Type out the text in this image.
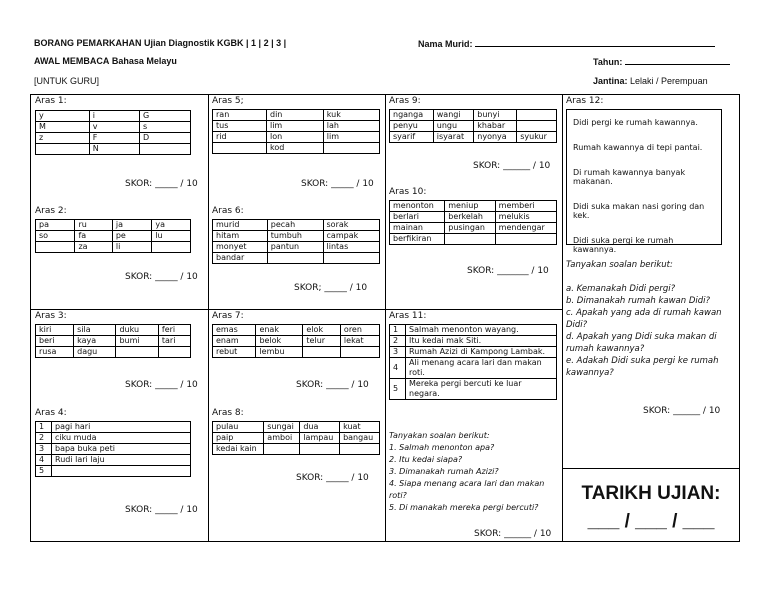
BORANG PEMARKAHAN Ujian Diagnostik KGBK | 1 | 2 | 3 |
AWAL MEMBACA Bahasa Melayu
[UNTUK GURU]
Nama Murid:
Tahun:
Jantina: Lelaki / Perempuan
Aras 1:
y	i	G
M	v	s
z	F	D
	N	
SKOR: _____ / 10
Aras 2:
pa	ru	ja	ya
so	fa	pe	lu
	za	li	
SKOR: _____ / 10
Aras 3:
kiri	sila	duku	feri
beri	kaya	bumi	tari
rusa	dagu		
SKOR: _____ / 10
Aras 4:
1	pagi hari
2	ciku muda
3	bapa buka peti
4	Rudi lari laju
5	
SKOR: _____ / 10
Aras 5;
ran	din	kuk
tus	lim	lah
rid	lon	lim
	kod	
SKOR: _____ / 10
Aras 6:
murid	pecah	sorak
hitam	tumbuh	campak
monyet	pantun	lintas
bandar		
SKOR; _____ / 10
Aras 7:
emas	enak	elok	oren
enam	belok	telur	lekat
rebut	lembu		
SKOR: _____ / 10
Aras 8:
pulau	sungai	dua	kuat
paip	amboi	lampau	bangau
kedai kain			
SKOR: _____ / 10
Aras 9:
nganga	wangi	bunyi	
penyu	ungu	khabar	
syarif	isyarat	nyonya	syukur
SKOR: ______ / 10
Aras 10:
menonton	meniup	memberi
berlari	berkelah	melukis
mainan	pusingan	mendengar
berfikiran		
SKOR: _______ / 10
Aras 11:
1	Salmah menonton wayang.
2	Itu kedai mak Siti.
3	Rumah Azizi di Kampong Lambak.
4	Ali menang acara lari dan makan roti.
5	Mereka pergi bercuti ke luar negara.
Tanyakan soalan berikut:
1. Salmah menonton apa?
2. Itu kedai siapa?
3. Dimanakah rumah Azizi?
4. Siapa menang acara lari dan makan roti?
5. Di manakah mereka pergi bercuti?
SKOR: ______ / 10
Aras 12:
Didi pergi ke rumah kawannya.
Rumah kawannya di tepi pantai.
Di rumah kawannya banyak makanan.
Didi suka makan nasi goring dan kek.
Didi suka pergi ke rumah kawannya.
Tanyakan soalan berikut:
a. Kemanakah Didi pergi?
b. Dimanakah rumah kawan Didi?
c. Apakah yang ada di rumah kawan Didi?
d. Apakah yang Didi suka makan di rumah kawannya?
e. Adakah Didi suka pergi ke rumah kawannya?
SKOR: ______ / 10
TARIKH UJIAN:
___ / ___ / ___
